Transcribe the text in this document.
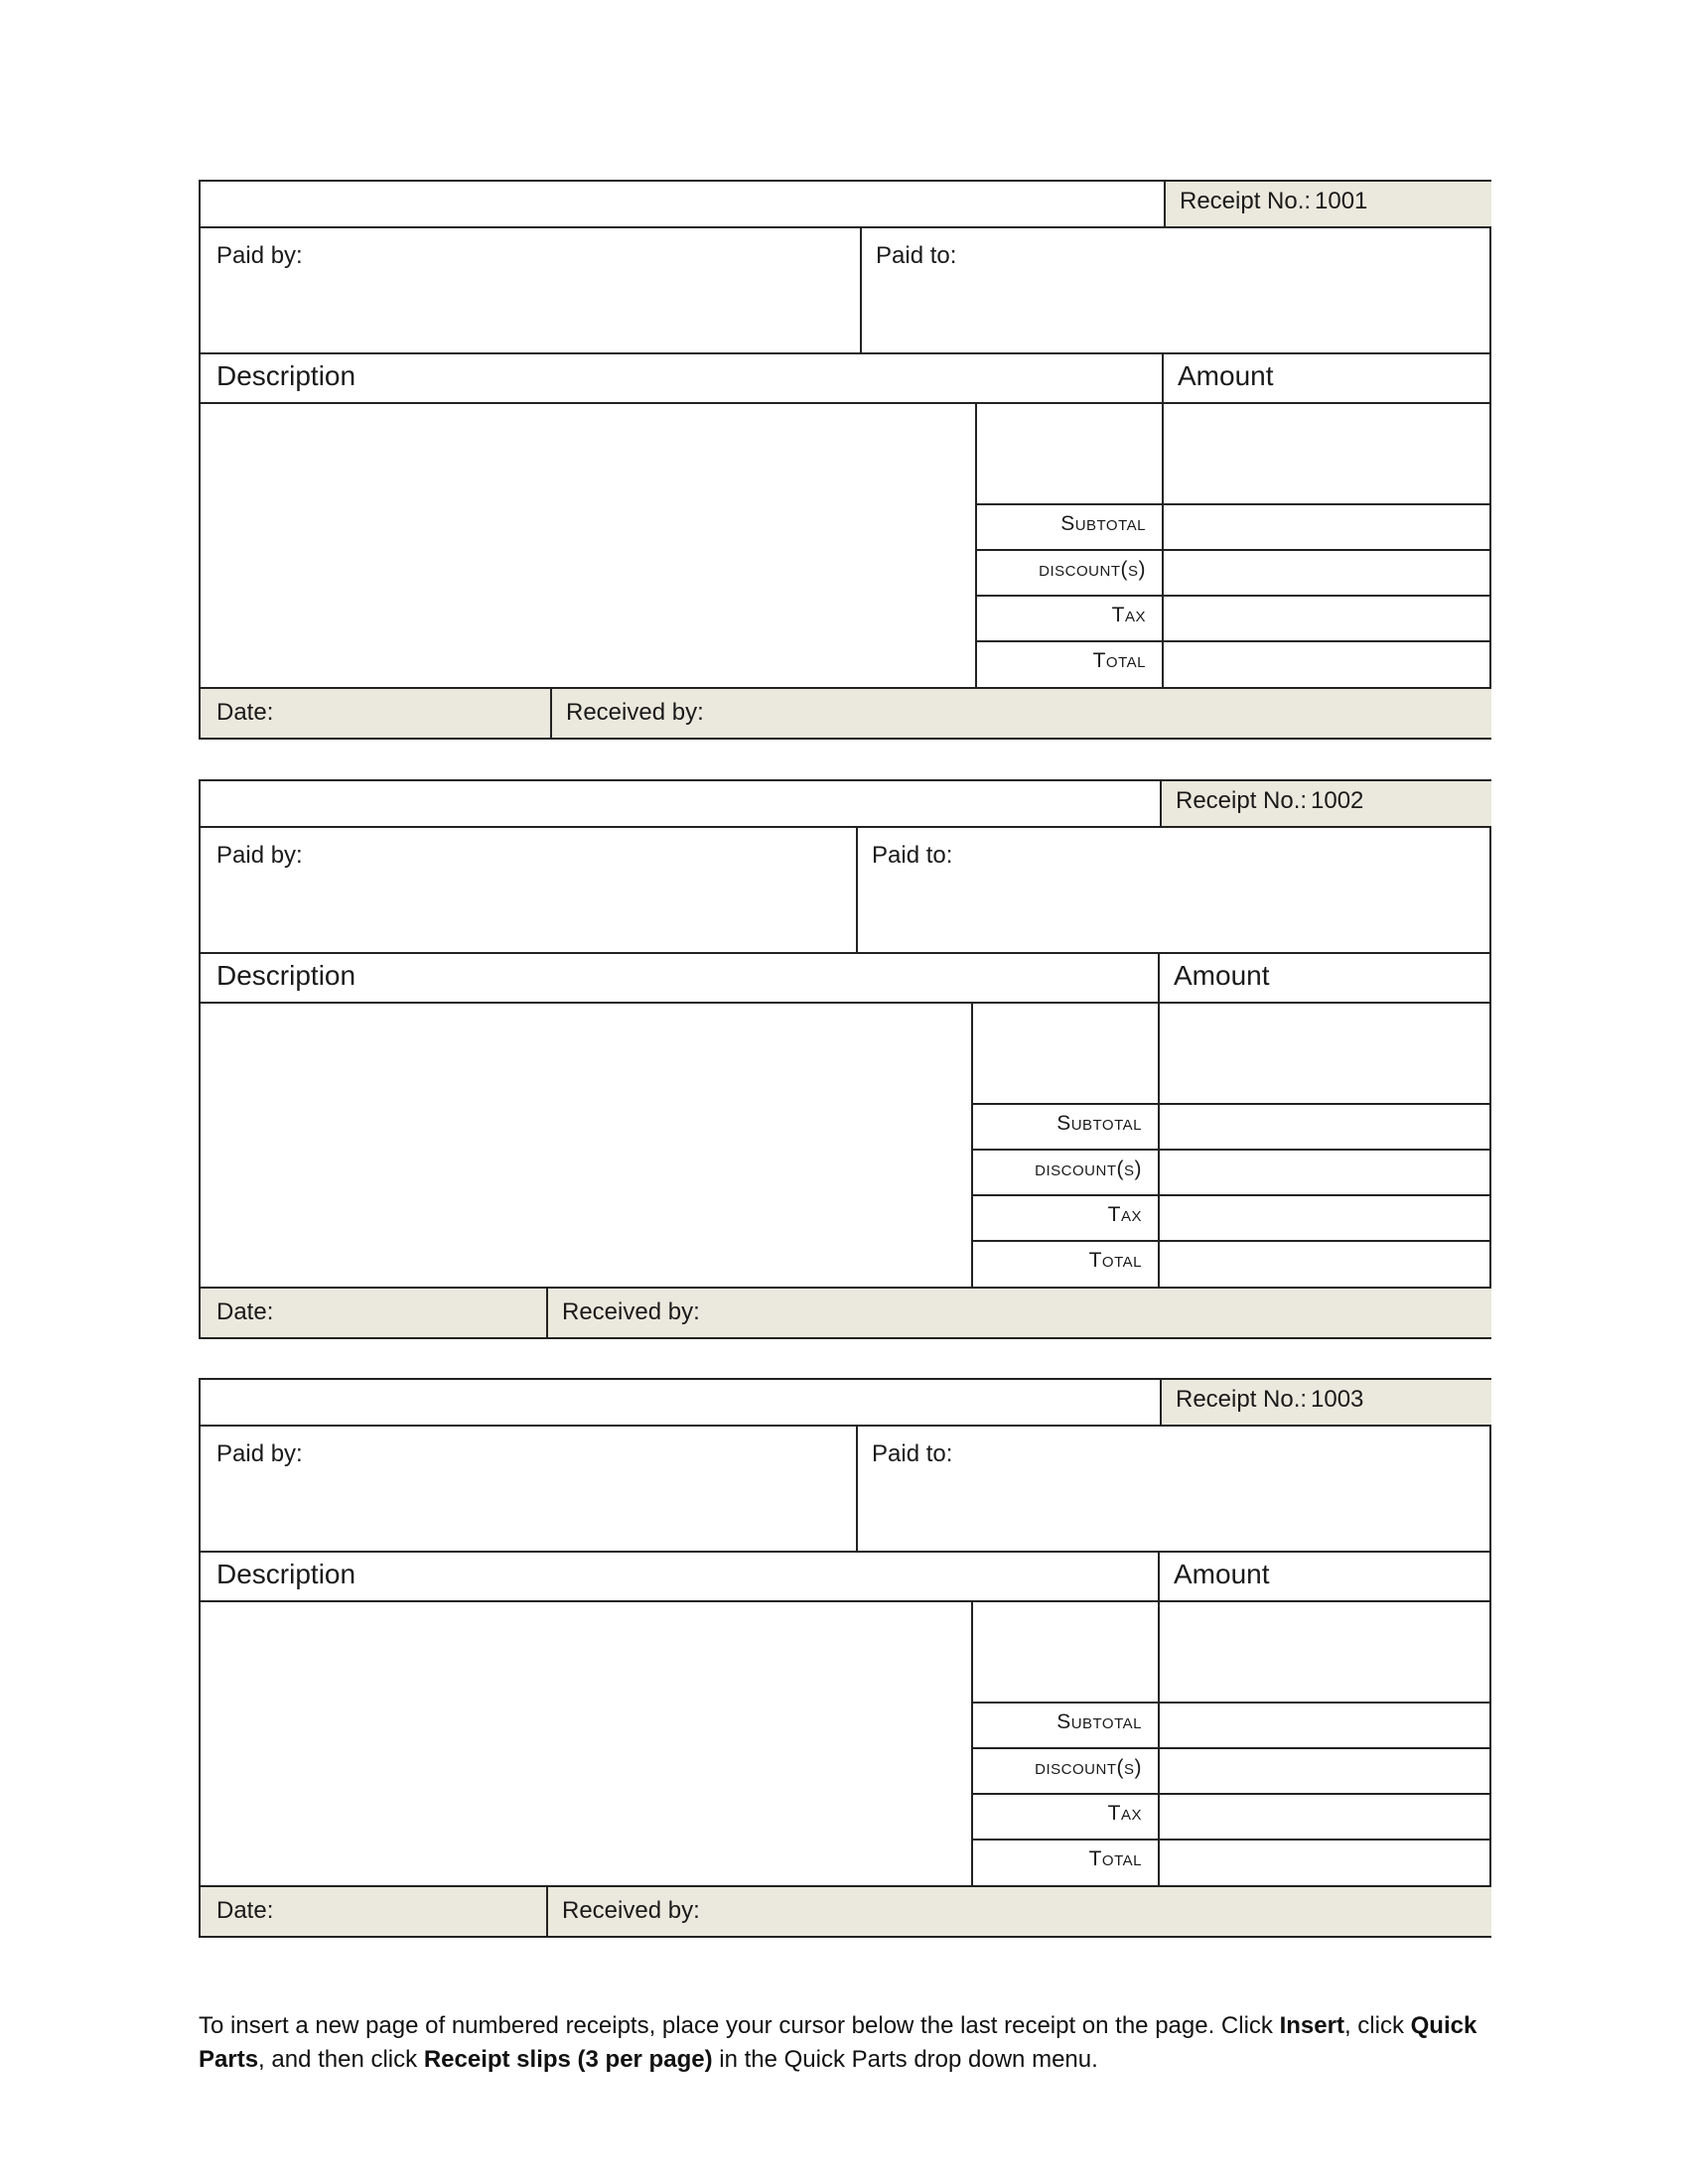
Receipt No.: 1001
Paid by:	Paid to:
Description	Amount
Subtotal
discount(s)
Tax
Total
Date:	Received by:
Receipt No.: 1002
Paid by:	Paid to:
Description	Amount
Subtotal
discount(s)
Tax
Total
Date:	Received by:
Receipt No.: 1003
Paid by:	Paid to:
Description	Amount
Subtotal
discount(s)
Tax
Total
Date:	Received by:
To insert a new page of numbered receipts, place your cursor below the last receipt on the page. Click Insert, click Quick Parts, and then click Receipt slips (3 per page) in the Quick Parts drop down menu.
